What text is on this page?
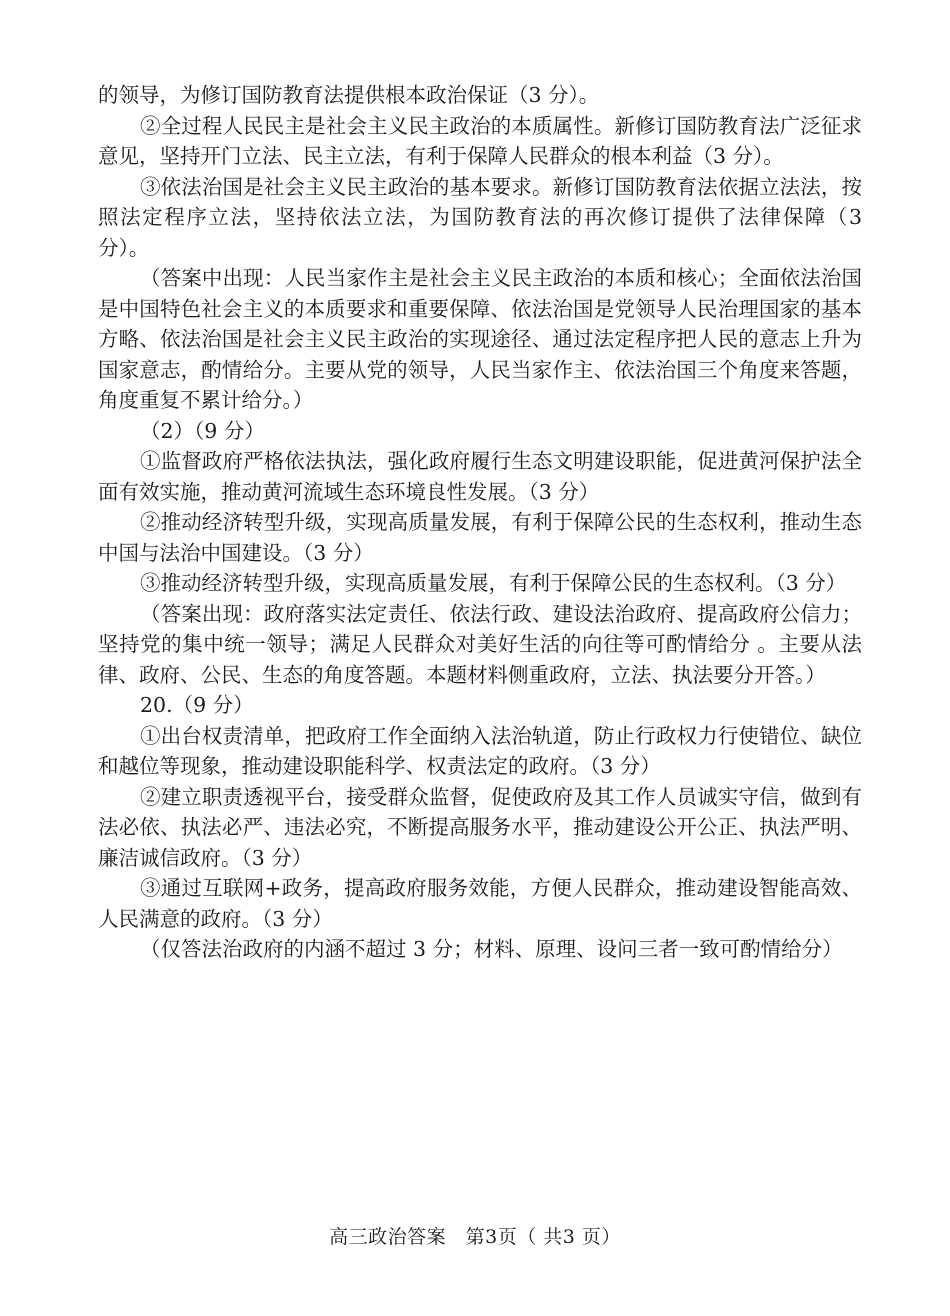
的领导，为修订国防教育法提供根本政治保证（3 分）。

②全过程人民民主是社会主义民主政治的本质属性。新修订国防教育法广泛征求意见，坚持开门立法、民主立法，有利于保障人民群众的根本利益（3 分）。

③依法治国是社会主义民主政治的基本要求。新修订国防教育法依据立法法，按照法定程序立法，坚持依法立法，为国防教育法的再次修订提供了法律保障（3 分）。

（答案中出现：人民当家作主是社会主义民主政治的本质和核心；全面依法治国是中国特色社会主义的本质要求和重要保障、依法治国是党领导人民治理国家的基本方略、依法治国是社会主义民主政治的实现途径、通过法定程序把人民的意志上升为国家意志，酌情给分。主要从党的领导，人民当家作主、依法治国三个角度来答题，角度重复不累计给分。）

（2）（9 分）

①监督政府严格依法执法，强化政府履行生态文明建设职能，促进黄河保护法全面有效实施，推动黄河流域生态环境良性发展。（3 分）

②推动经济转型升级，实现高质量发展，有利于保障公民的生态权利，推动生态中国与法治中国建设。（3 分）

③推动经济转型升级，实现高质量发展，有利于保障公民的生态权利。（3 分）

（答案出现：政府落实法定责任、依法行政、建设法治政府、提高政府公信力；坚持党的集中统一领导；满足人民群众对美好生活的向往等可酌情给分 。主要从法律、政府、公民、生态的角度答题。本题材料侧重政府，立法、执法要分开答。）

20.（9 分）

①出台权责清单，把政府工作全面纳入法治轨道，防止行政权力行使错位、缺位和越位等现象，推动建设职能科学、权责法定的政府。（3 分）

②建立职责透视平台，接受群众监督，促使政府及其工作人员诚实守信，做到有法必依、执法必严、违法必究，不断提高服务水平，推动建设公开公正、执法严明、廉洁诚信政府。（3 分）

③通过互联网+政务，提高政府服务效能，方便人民群众，推动建设智能高效、人民满意的政府。（3 分）

（仅答法治政府的内涵不超过 3 分；材料、原理、设问三者一致可酌情给分）

高三政治答案　第3页（ 共3 页）
